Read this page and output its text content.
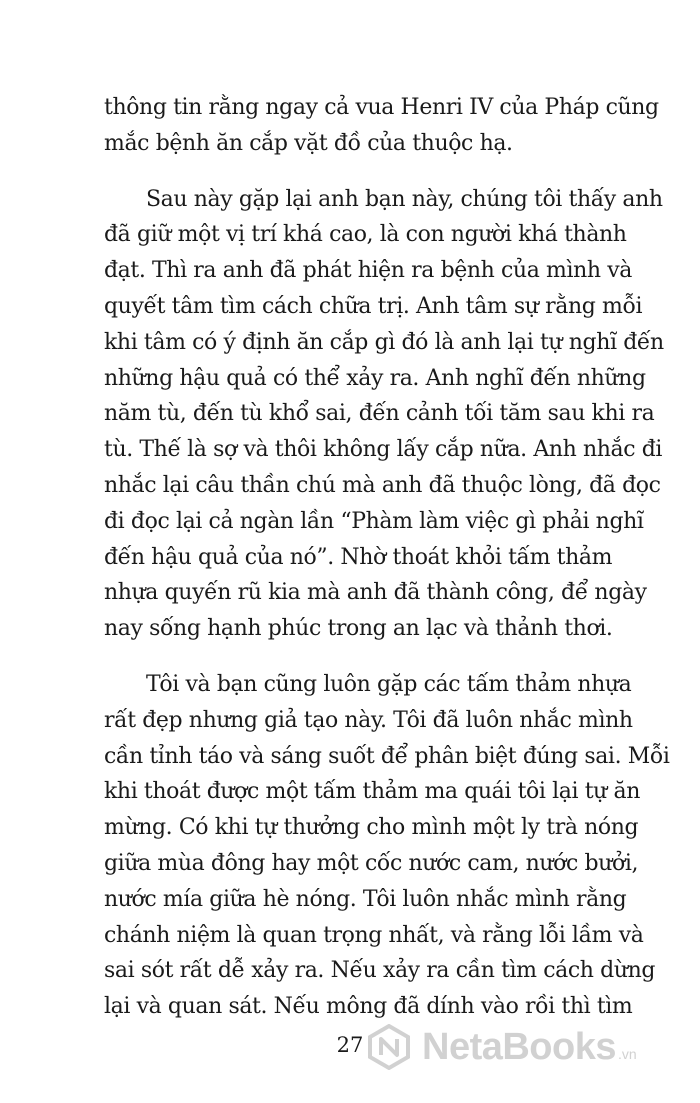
thông tin rằng ngay cả vua Henri IV của Pháp cũng
mắc bệnh ăn cắp vặt đồ của thuộc hạ.
Sau này gặp lại anh bạn này, chúng tôi thấy anh
đã giữ một vị trí khá cao, là con người khá thành
đạt. Thì ra anh đã phát hiện ra bệnh của mình và
quyết tâm tìm cách chữa trị. Anh tâm sự rằng mỗi
khi tâm có ý định ăn cắp gì đó là anh lại tự nghĩ đến
những hậu quả có thể xảy ra. Anh nghĩ đến những
năm tù, đến tù khổ sai, đến cảnh tối tăm sau khi ra
tù. Thế là sợ và thôi không lấy cắp nữa. Anh nhắc đi
nhắc lại câu thần chú mà anh đã thuộc lòng, đã đọc
đi đọc lại cả ngàn lần “Phàm làm việc gì phải nghĩ
đến hậu quả của nó”. Nhờ thoát khỏi tấm thảm
nhựa quyến rũ kia mà anh đã thành công, để ngày
nay sống hạnh phúc trong an lạc và thảnh thơi.
Tôi và bạn cũng luôn gặp các tấm thảm nhựa
rất đẹp nhưng giả tạo này. Tôi đã luôn nhắc mình
cần tỉnh táo và sáng suốt để phân biệt đúng sai. Mỗi
khi thoát được một tấm thảm ma quái tôi lại tự ăn
mừng. Có khi tự thưởng cho mình một ly trà nóng
giữa mùa đông hay một cốc nước cam, nước bưởi,
nước mía giữa hè nóng. Tôi luôn nhắc mình rằng
chánh niệm là quan trọng nhất, và rằng lỗi lầm và
sai sót rất dễ xảy ra. Nếu xảy ra cần tìm cách dừng
lại và quan sát. Nếu mông đã dính vào rồi thì tìm
27	NetaBooks .vn
